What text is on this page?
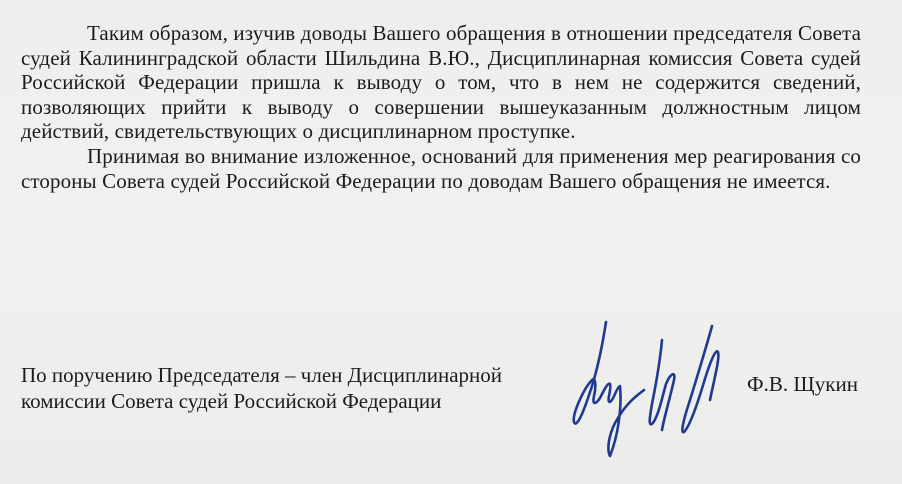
Таким образом, изучив доводы Вашего обращения в отношении председателя Совета судей Калининградской области Шильдина В.Ю., Дисциплинарная комиссия Совета судей Российской Федерации пришла к выводу о том, что в нем не содержится сведений, позволяющих прийти к выводу о совершении вышеуказанным должностным лицом действий, свидетельствующих о дисциплинарном проступке.

Принимая во внимание изложенное, оснований для применения мер реагирования со стороны Совета судей Российской Федерации по доводам Вашего обращения не имеется.

По поручению Председателя – член Дисциплинарной
комиссии Совета судей Российской Федерации
Ф.В. Щукин
